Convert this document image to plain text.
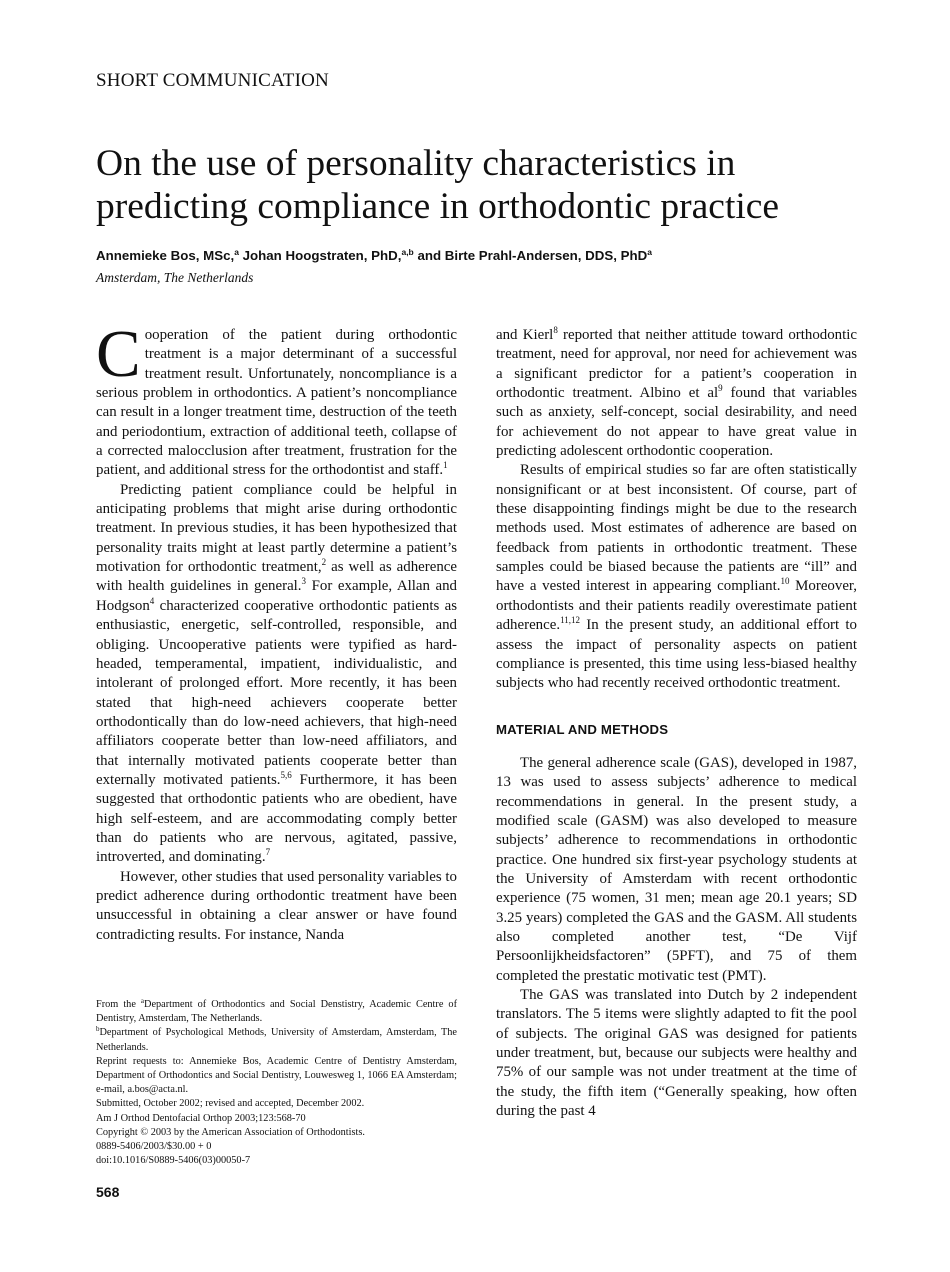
SHORT COMMUNICATION

On the use of personality characteristics in predicting compliance in orthodontic practice

Annemieke Bos, MSc,$^a$ Johan Hoogstraten, PhD,$^{a,b}$ and Birte Prahl-Andersen, DDS, PhD$^a$

Amsterdam, The Netherlands

Cooperation of the patient during orthodontic treatment is a major determinant of a successful treatment result. Unfortunately, noncompliance is a serious problem in orthodontics. A patient’s noncompliance can result in a longer treatment time, destruction of the teeth and periodontium, extraction of additional teeth, collapse of a corrected malocclusion after treatment, frustration for the patient, and additional stress for the orthodontist and staff.$^1$

Predicting patient compliance could be helpful in anticipating problems that might arise during orthodontic treatment. In previous studies, it has been hypothesized that personality traits might at least partly determine a patient’s motivation for orthodontic treatment,$^2$ as well as adherence with health guidelines in general.$^3$ For example, Allan and Hodgson$^4$ characterized cooperative orthodontic patients as enthusiastic, energetic, self-controlled, responsible, and obliging. Uncooperative patients were typified as hard-headed, temperamental, impatient, individualistic, and intolerant of prolonged effort. More recently, it has been stated that high-need achievers cooperate better orthodontically than do low-need achievers, that high-need affiliators cooperate better than low-need affiliators, and that internally motivated patients cooperate better than externally motivated patients.$^{5,6}$ Furthermore, it has been suggested that orthodontic patients who are obedient, have high self-esteem, and are accommodating comply better than do patients who are nervous, agitated, passive, introverted, and dominating.$^7$

However, other studies that used personality variables to predict adherence during orthodontic treatment have been unsuccessful in obtaining a clear answer or have found contradicting results. For instance, Nanda

and Kierl$^8$ reported that neither attitude toward orthodontic treatment, need for approval, nor need for achievement was a significant predictor for a patient’s cooperation in orthodontic treatment. Albino et $al^9$ found that variables such as anxiety, self-concept, social desirability, and need for achievement do not appear to have great value in predicting adolescent orthodontic cooperation.

Results of empirical studies so far are often statistically nonsignificant or at best inconsistent. Of course, part of these disappointing findings might be due to the research methods used. Most estimates of adherence are based on feedback from patients in orthodontic treatment. These samples could be biased because the patients are “ill” and have a vested interest in appearing compliant.$^{10}$ Moreover, orthodontists and their patients readily overestimate patient adherence.$^{11,12}$ In the present study, an additional effort to assess the impact of personality aspects on patient compliance is presented, this time using less-biased healthy subjects who had recently received orthodontic treatment.

MATERIAL AND METHODS

The general adherence scale (GAS), developed in 1987, 13 was used to assess subjects’ adherence to medical recommendations in general. In the present study, a modified scale (GASM) was also developed to measure subjects’ adherence to recommendations in orthodontic practice. One hundred six first-year psychology students at the University of Amsterdam with recent orthodontic experience (75 women, 31 men; mean age 20.1 years; SD 3.25 years) completed the GAS and the GASM. All students also completed another test, “De Vijf Persoonlijkheidsfactoren” (5PFT), and 75 of them completed the prestatic motivatic test (PMT).

The GAS was translated into Dutch by 2 independent translators. The 5 items were slightly adapted to fit the pool of subjects. The original GAS was designed for patients under treatment, but, because our subjects were healthy and 75% of our sample was not under treatment at the time of the study, the fifth item (“Generally speaking, how often during the past 4

From the $^a$Department of Orthodontics and Social Denstistry, Academic Centre of Dentistry, Amsterdam, The Netherlands.

$^b$Department of Psychological Methods, University of Amsterdam, Amsterdam, The Netherlands.

Reprint requests to: Annemieke Bos, Academic Centre of Dentistry Amsterdam, Department of Orthodontics and Social Dentistry, Louwesweg 1, 1066 EA Amsterdam; e-mail, a.bos@acta.nl.

Submitted, October 2002; revised and accepted, December 2002.

Am J Orthod Dentofacial Orthop 2003;123:568-70

Copyright © 2003 by the American Association of Orthodontists.

0889-5406/2003/$30.00 + 0

doi:10.1016/S0889-5406(03)00050-7

568
